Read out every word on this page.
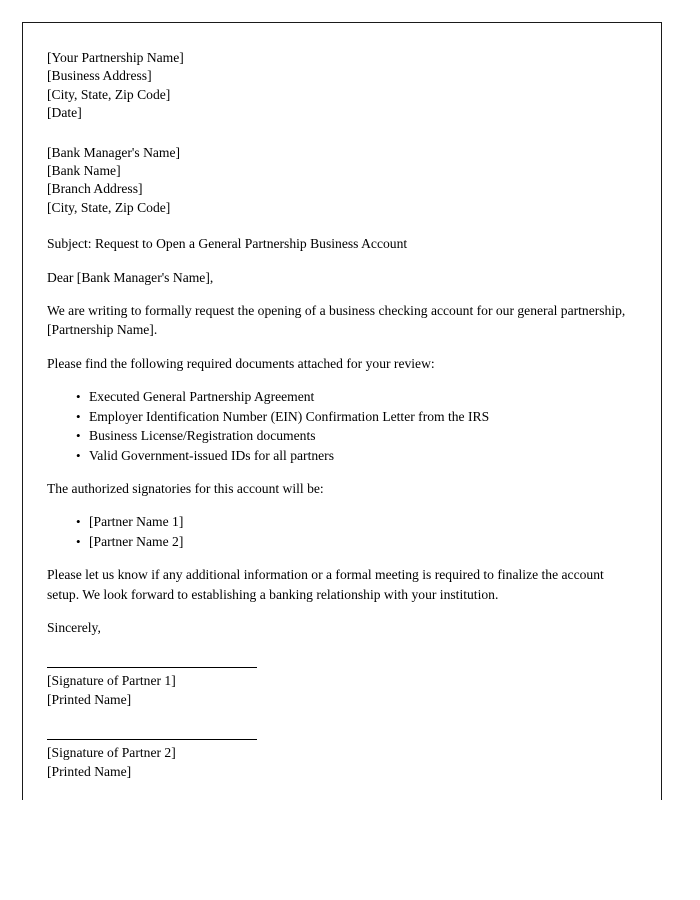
[Your Partnership Name]
[Business Address]
[City, State, Zip Code]
[Date]
[Bank Manager's Name]
[Bank Name]
[Branch Address]
[City, State, Zip Code]

Subject: Request to Open a General Partnership Business Account

Dear [Bank Manager's Name],

We are writing to formally request the opening of a business checking account for our general partnership, [Partnership Name].

Please find the following required documents attached for your review:

• Executed General Partnership Agreement
• Employer Identification Number (EIN) Confirmation Letter from the IRS
• Business License/Registration documents
• Valid Government-issued IDs for all partners

The authorized signatories for this account will be:

• [Partner Name 1]
• [Partner Name 2]

Please let us know if any additional information or a formal meeting is required to finalize the account setup. We look forward to establishing a banking relationship with your institution.

Sincerely,

[Signature of Partner 1]
[Printed Name]
[Signature of Partner 2]
[Printed Name]
